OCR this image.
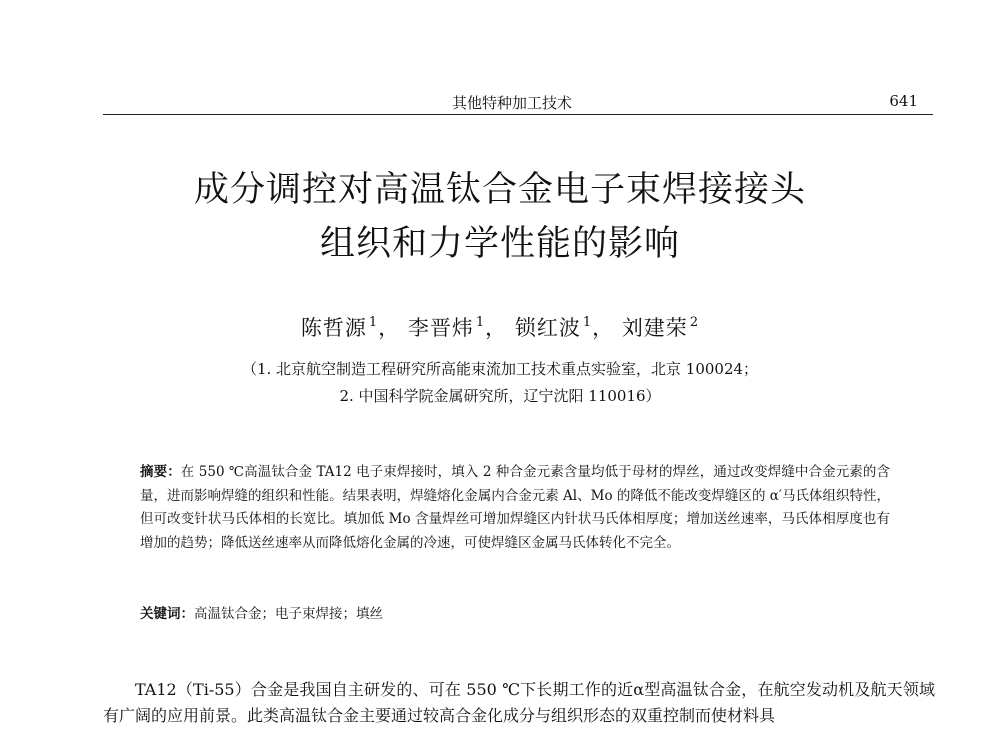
其他特种加工技术	641
成分调控对高温钛合金电子束焊接接头
组织和力学性能的影响
陈哲源 $^1$， 李晋炜 $^1$， 锁红波 $^1$， 刘建荣 $^2$
（1. 北京航空制造工程研究所高能束流加工技术重点实验室，北京 100024；
2. 中国科学院金属研究所，辽宁沈阳 110016）
摘要：在 550 ℃高温钛合金 TA12 电子束焊接时，填入 2 种合金元素含量均低于母材的焊丝，通过改变焊缝中合金元素的含量，进而影响焊缝的组织和性能。结果表明，焊缝熔化金属内合金元素 Al、Mo 的降低不能改变焊缝区的 α′马氏体组织特性，但可改变针状马氏体相的长宽比。填加低 Mo 含量焊丝可增加焊缝区内针状马氏体相厚度；增加送丝速率，马氏体相厚度也有增加的趋势；降低送丝速率从而降低熔化金属的冷速，可使焊缝区金属马氏体转化不完全。
关键词：高温钛合金；电子束焊接；填丝
TA12（Ti-55）合金是我国自主研发的、可在 550 ℃下长期工作的近α型高温钛合金，在航空发动机及航天领域有广阔的应用前景。此类高温钛合金主要通过较高合金化成分与组织形态的双重控制而使材料具
